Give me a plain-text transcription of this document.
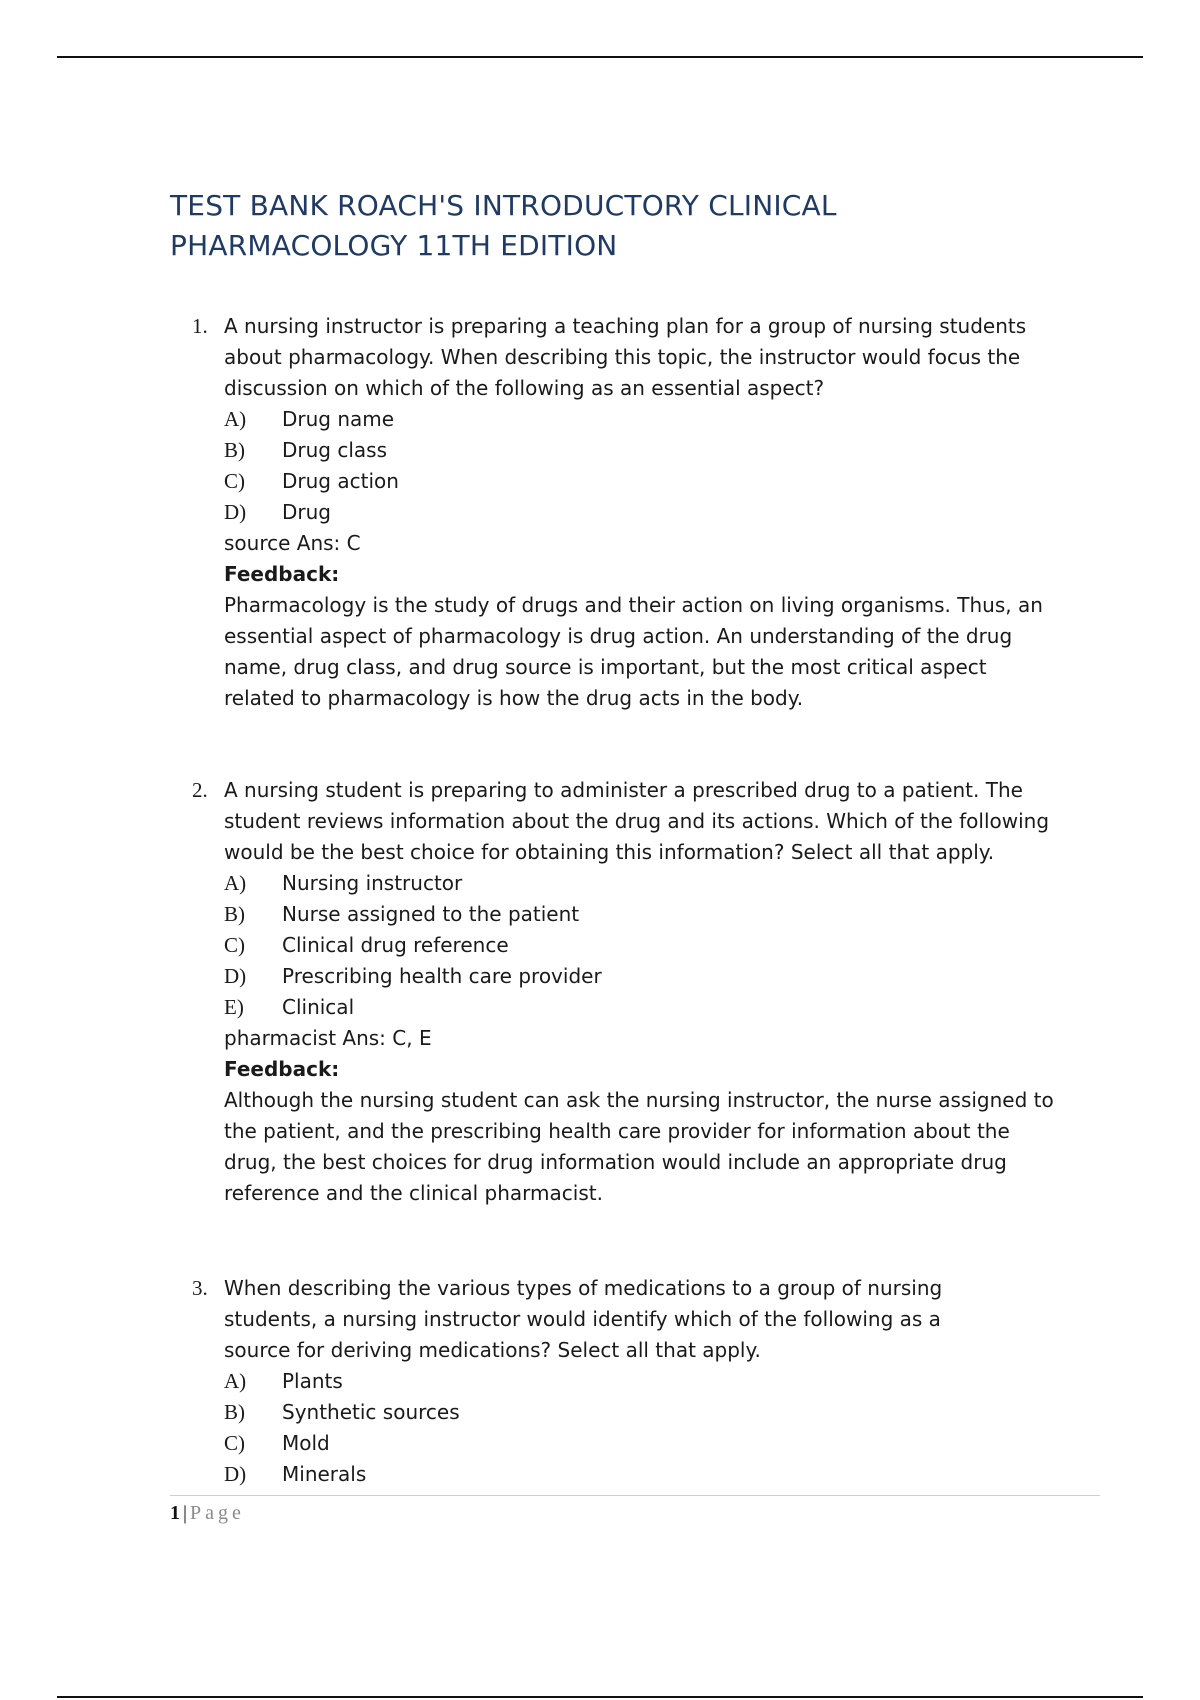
TEST BANK ROACH'S INTRODUCTORY CLINICAL
PHARMACOLOGY 11TH EDITION
1. A nursing instructor is preparing a teaching plan for a group of nursing students

about pharmacology. When describing this topic, the instructor would focus the

discussion on which of the following as an essential aspect?

A)	Drug name
B)	Drug class
C)	Drug action
D)	Drug

source Ans: C

Feedback:

Pharmacology is the study of drugs and their action on living organisms. Thus, an

essential aspect of pharmacology is drug action. An understanding of the drug

name, drug class, and drug source is important, but the most critical aspect

related to pharmacology is how the drug acts in the body.

2. A nursing student is preparing to administer a prescribed drug to a patient. The

student reviews information about the drug and its actions. Which of the following

would be the best choice for obtaining this information? Select all that apply.

A)	Nursing instructor
B)	Nurse assigned to the patient
C)	Clinical drug reference
D)	Prescribing health care provider
E)	Clinical

pharmacist Ans: C, E

Feedback:

Although the nursing student can ask the nursing instructor, the nurse assigned to

the patient, and the prescribing health care provider for information about the

drug, the best choices for drug information would include an appropriate drug

reference and the clinical pharmacist.

3. When describing the various types of medications to a group of nursing

students, a nursing instructor would identify which of the following as a

source for deriving medications? Select all that apply.

A)	Plants
B)	Synthetic sources
C)	Mold
D)	Minerals
1 | Page
